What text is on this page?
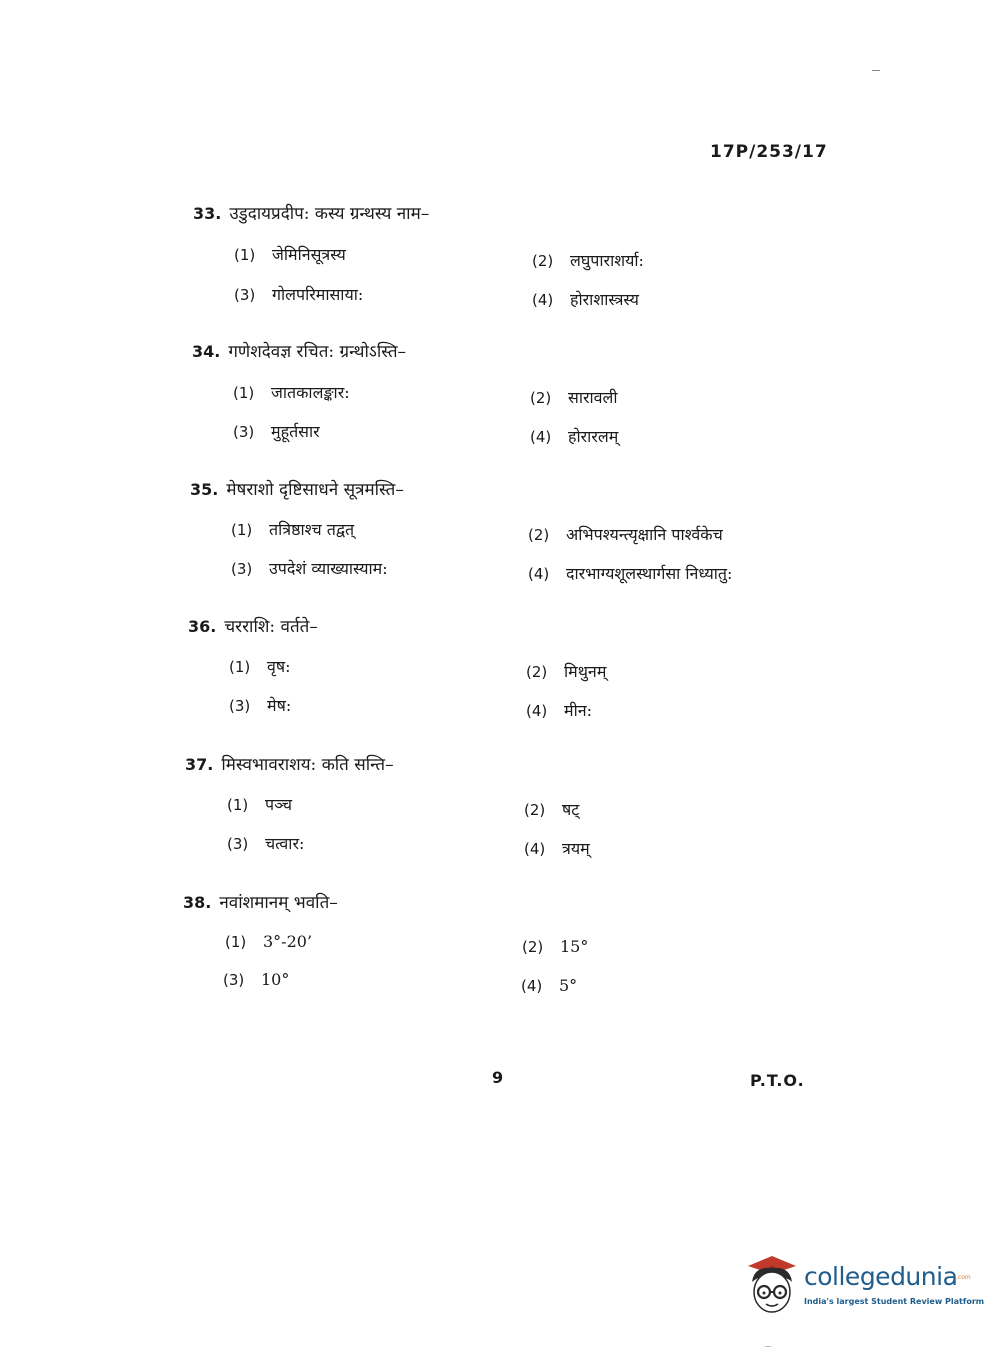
17P/253/17
33. उडुदायप्रदीप: कस्य ग्रन्थस्य नाम–
(1) जेमिनिसूत्रस्य	(2) लघुपाराशर्या:
(3) गोलपरिमासाया:	(4) होराशास्त्रस्य
34. गणेशदेवज्ञ रचित: ग्रन्थोऽस्ति–
(1) जातकालङ्कार:	(2) सारावली
(3) मुहूर्तसार	(4) होरारलम्
35. मेषराशो दृष्टिसाधने सूत्रमस्ति–
(1) तत्रिष्ठाश्च तद्वत्	(2) अभिपश्यन्त्यृक्षानि पार्श्वकेच
(3) उपदेशं व्याख्यास्याम:	(4) दारभाग्यशूलस्थार्गसा निध्यातु:
36. चरराशि: वर्तते–
(1) वृष:	(2) मिथुनम्
(3) मेष:	(4) मीन:
37. मिस्वभावराशय: कति सन्ति–
(1) पञ्च	(2) षट्
(3) चत्वार:	(4) त्रयम्
38. नवांशमानम् भवति–
(1) 3°-20’	(2) 15°
(3) 10°	(4) 5°
9	P.T.O.
collegedunia
.com
India's largest Student Review Platform
